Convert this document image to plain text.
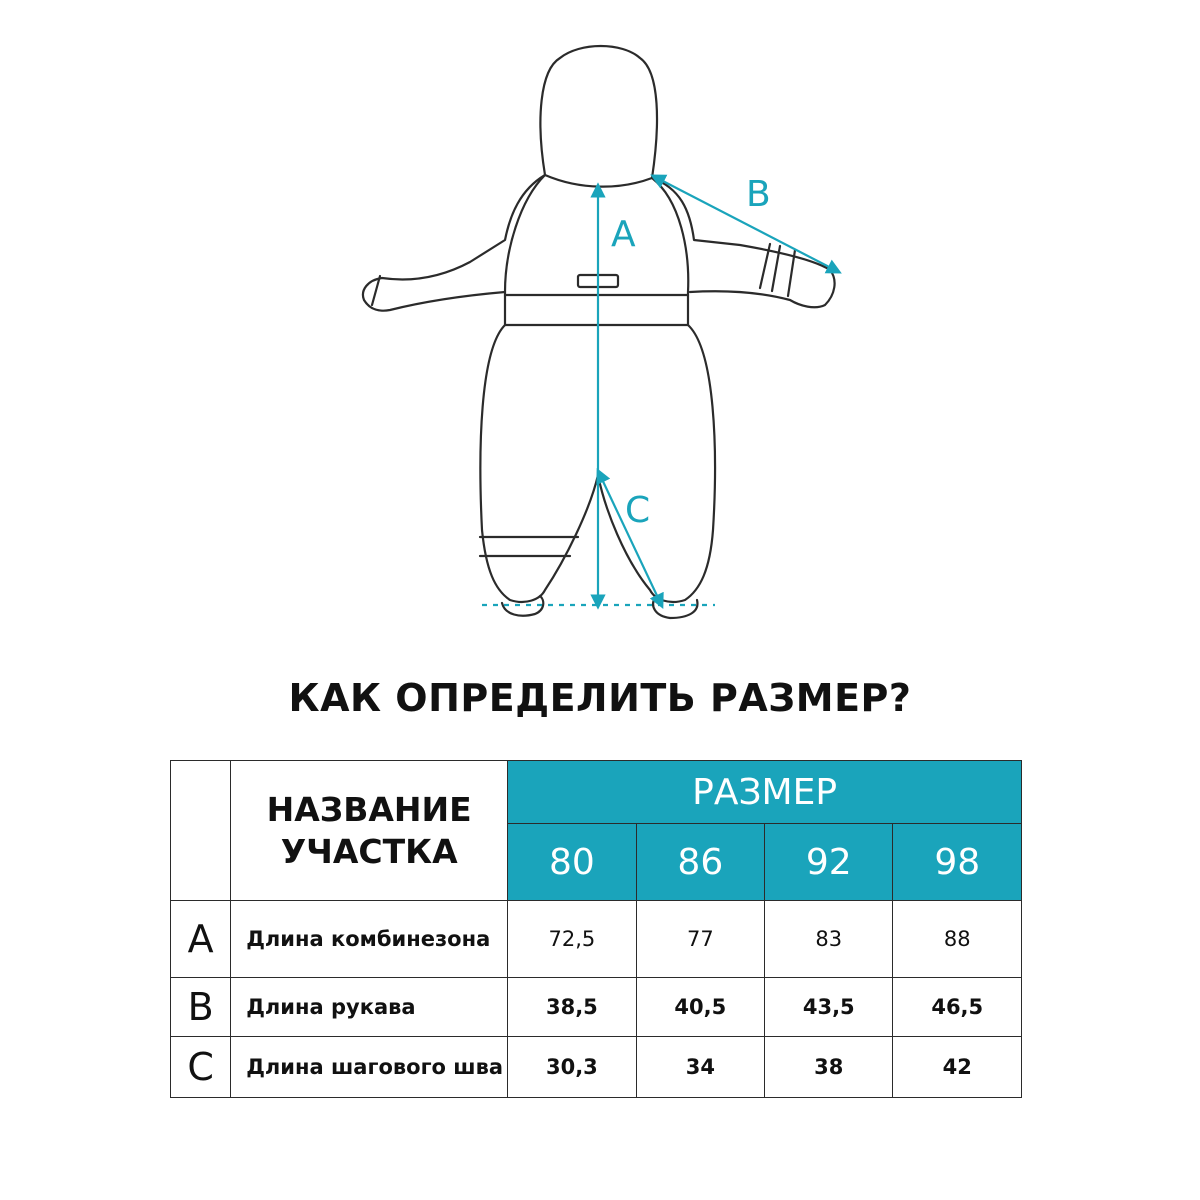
A
B
C
КАК ОПРЕДЕЛИТЬ РАЗМЕР?

	НАЗВАНИЕ
УЧАСТКА	РАЗМЕР			
		80	86	92	98
A	Длина комбинезона	72,5	77	83	88
B	Длина рукава	38,5	40,5	43,5	46,5
C	Длина шагового шва	30,3	34	38	42
